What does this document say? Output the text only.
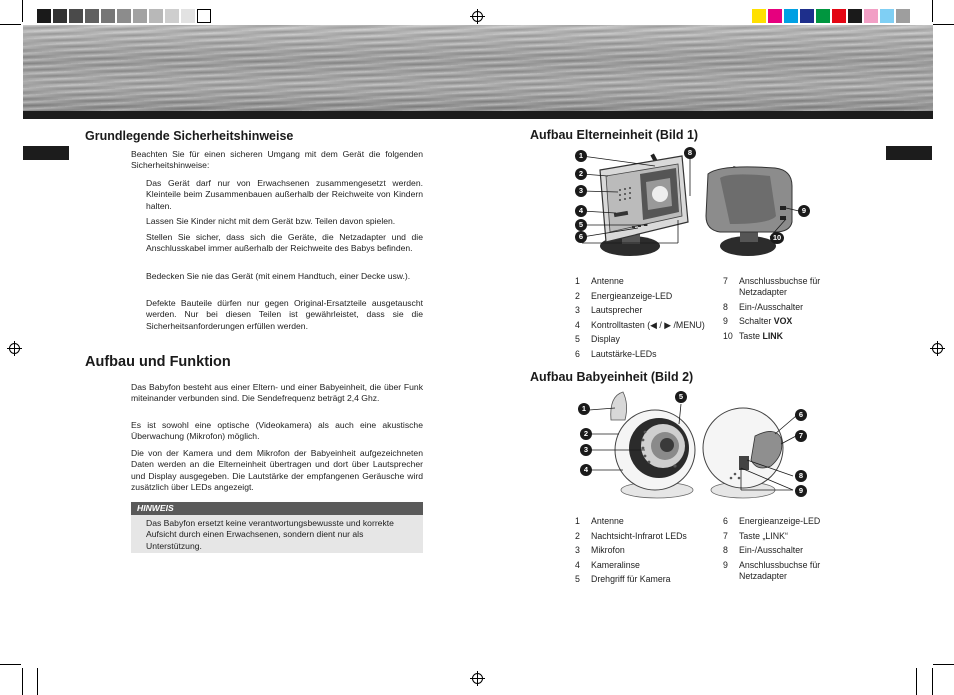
Grundlegende Sicherheitshinweise

Beachten Sie für einen sicheren Umgang mit dem Gerät die folgenden Sicherheitshinweise:

Das Gerät darf nur von Erwachsenen zusammengesetzt werden. Kleinteile beim Zusammenbauen außerhalb der Reichweite von Kindern halten.

Lassen Sie Kinder nicht mit dem Gerät bzw. Teilen davon spielen.

Stellen Sie sicher, dass sich die Geräte, die Netzadapter und die Anschlusskabel immer außerhalb der Reichweite des Babys befinden.

Bedecken Sie nie das Gerät (mit einem Handtuch, einer Decke usw.).

Defekte Bauteile dürfen nur gegen Original-Ersatzteile ausgetauscht werden. Nur bei diesen Teilen ist gewährleistet, dass sie die Sicherheitsanforderungen erfüllen werden.

Aufbau und Funktion

Das Babyfon besteht aus einer Eltern- und einer Babyeinheit, die über Funk miteinander verbunden sind. Die Sendefrequenz beträgt 2,4 Ghz.

Es ist sowohl eine optische (Videokamera) als auch eine akustische Überwachung (Mikrofon) möglich.

Die von der Kamera und dem Mikrofon der Babyeinheit aufgezeichneten Daten werden an die Elterneinheit übertragen und dort über Lautsprecher und Display ausgegeben. Die Lautstärke der empfangenen Geräusche wird zusätzlich über LEDs angezeigt.

HINWEIS

Das Babyfon ersetzt keine verantwortungsbewusste und korrekte Aufsicht durch einen Erwachsenen, sondern dient nur als Unterstützung.

Aufbau Elterneinheit (Bild 1)
1
2
3
4
5
6
8
9
10
1	Antenne
2	Energieanzeige-LED
3	Lautsprecher
4	Kontrolltasten (◀ / ▶ /MENU)
5	Display
6	Lautstärke-LEDs
7	Anschlussbuchse für Netzadapter
8	Ein-/Ausschalter
9	Schalter VOX
10 Taste LINK
Aufbau Babyeinheit (Bild 2)
1
2
3
4
5
6
7
8
9
1	Antenne
2	Nachtsicht-Infrarot LEDs
3	Mikrofon
4	Kameralinse
5	Drehgriff für Kamera
6	Energieanzeige-LED
7	Taste „LINK“
8	Ein-/Ausschalter
9	Anschlussbuchse für Netzadapter
